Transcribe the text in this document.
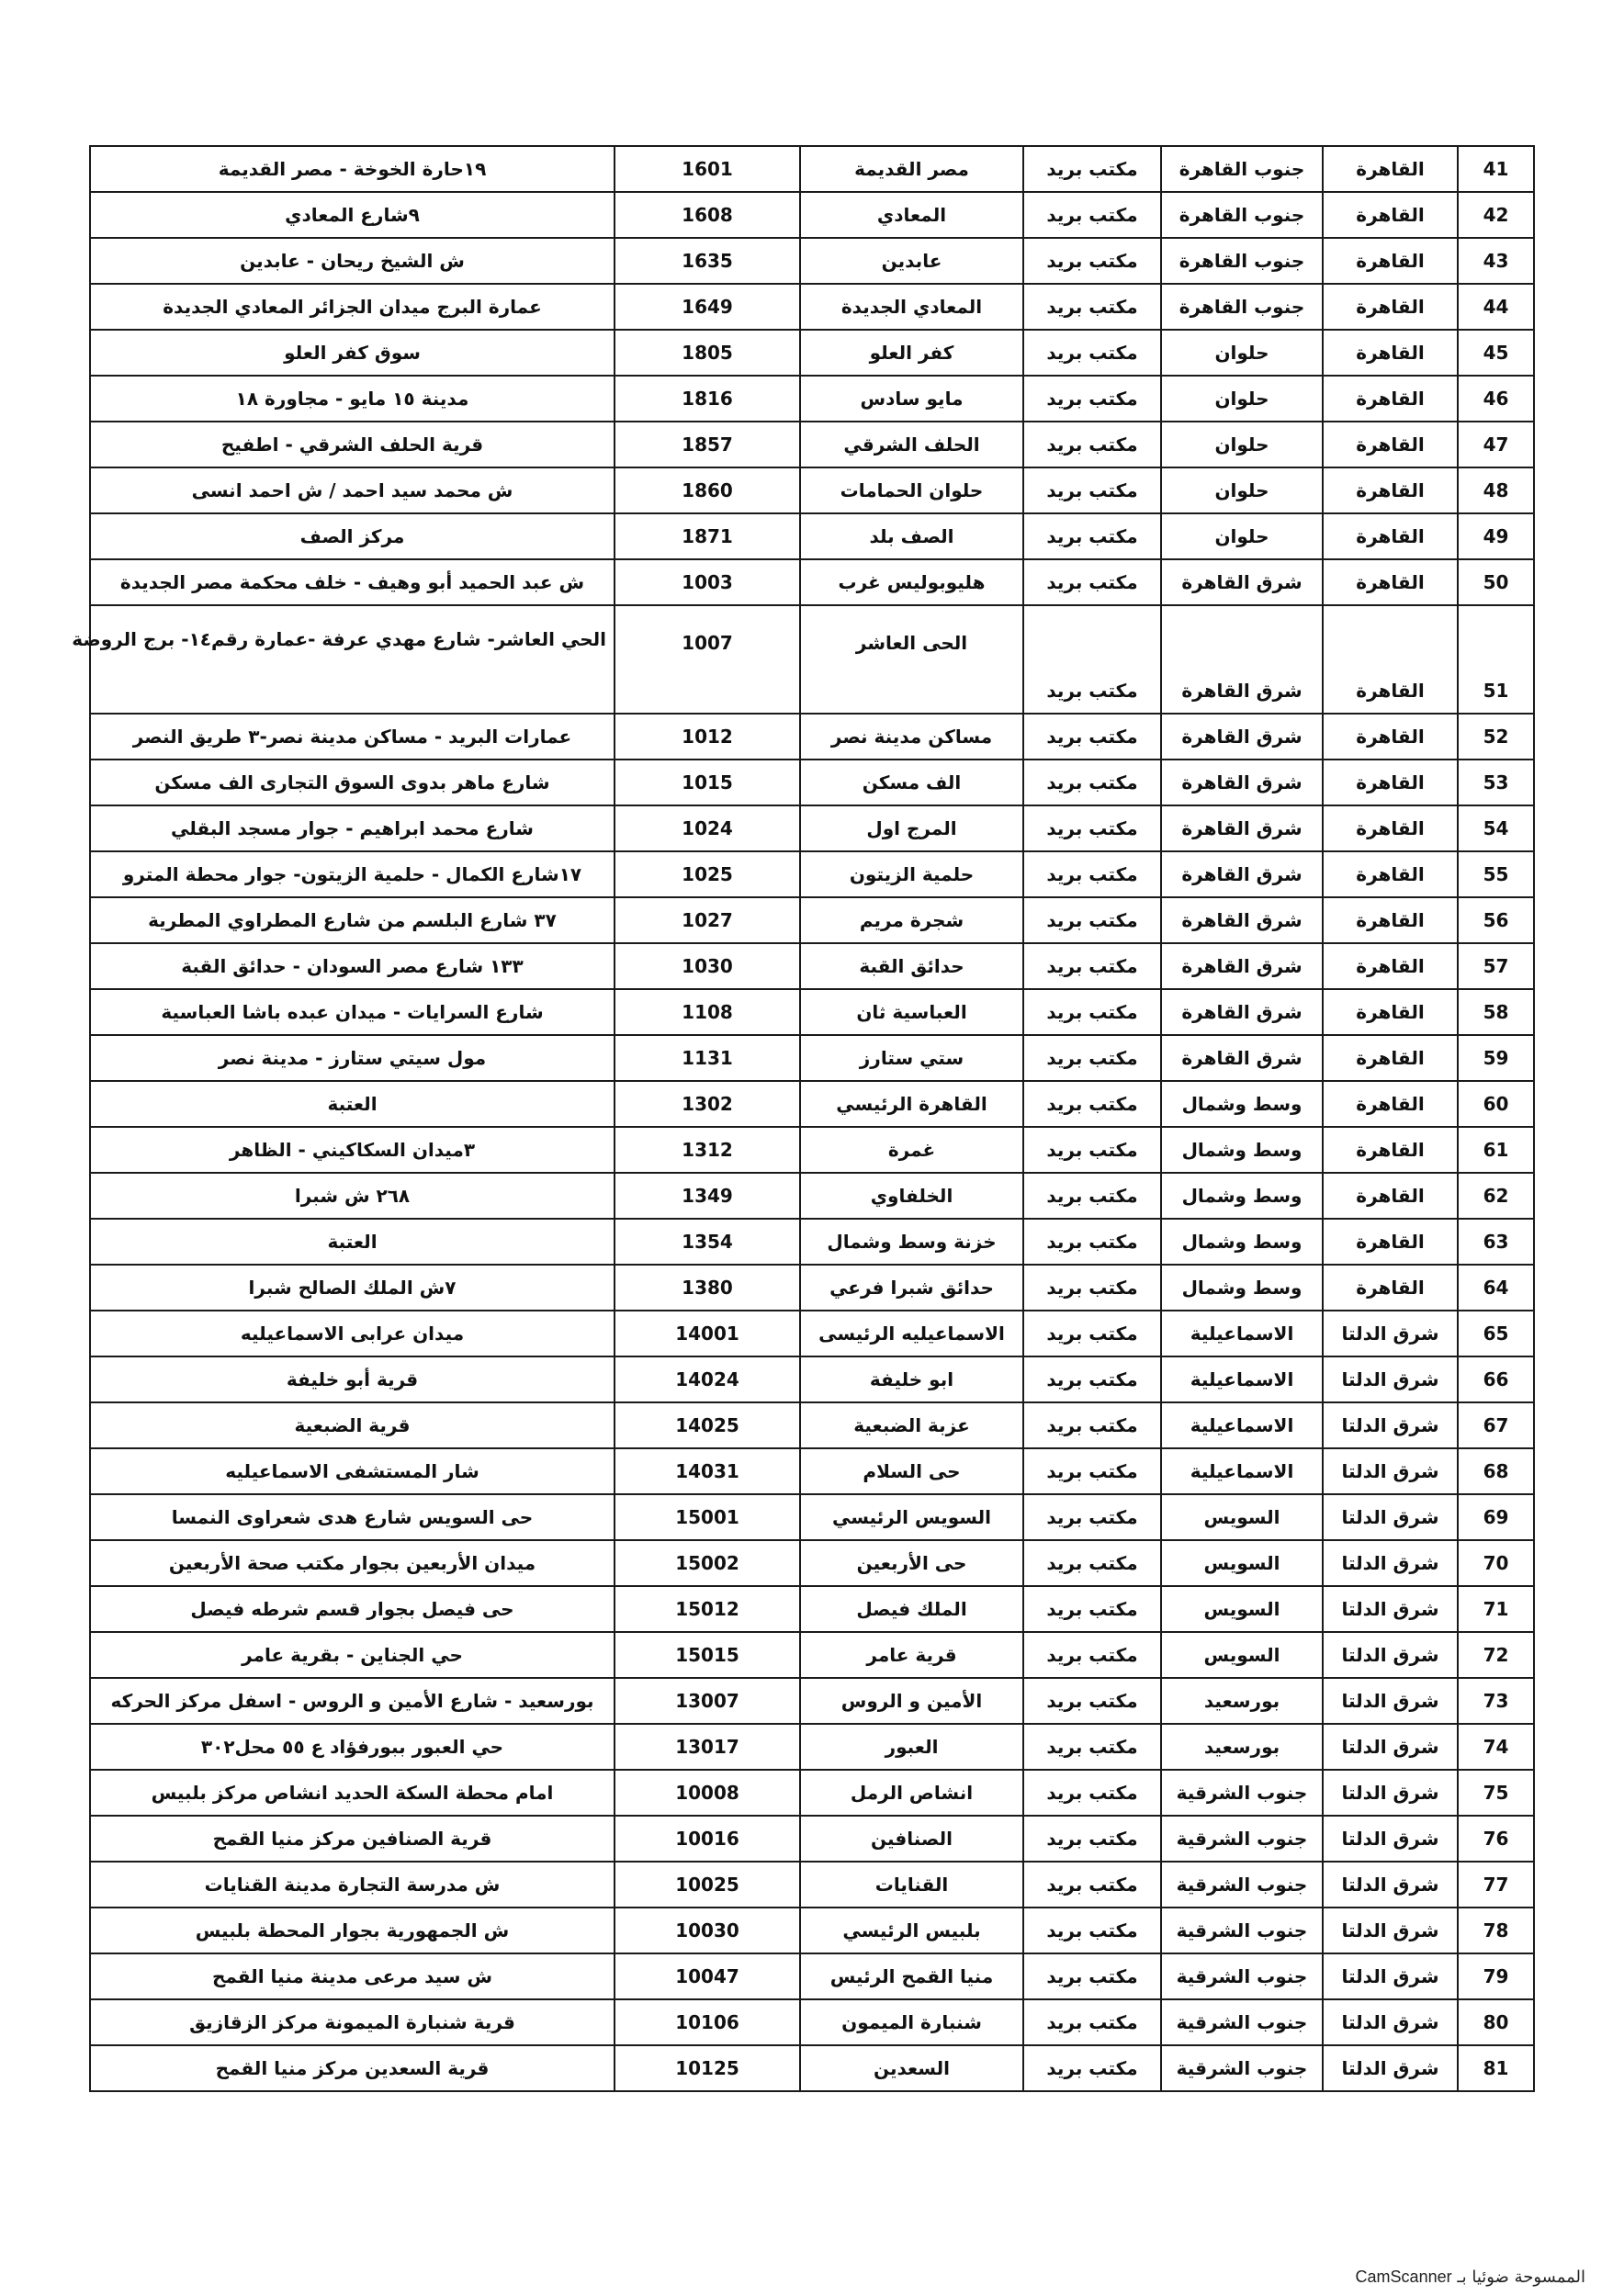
41	القاهرة	جنوب القاهرة	مكتب بريد	مصر القديمة	1601	١٩حارة الخوخة - مصر القديمة
42	القاهرة	جنوب القاهرة	مكتب بريد	المعادي	1608	٩شارع المعادي
43	القاهرة	جنوب القاهرة	مكتب بريد	عابدين	1635	ش الشيخ ريحان - عابدين
44	القاهرة	جنوب القاهرة	مكتب بريد	المعادي الجديدة	1649	عمارة البرج ميدان الجزائر المعادي الجديدة
45	القاهرة	حلوان	مكتب بريد	كفر العلو	1805	سوق كفر العلو
46	القاهرة	حلوان	مكتب بريد	مايو سادس	1816	مدينة ١٥ مايو - مجاورة ١٨
47	القاهرة	حلوان	مكتب بريد	الحلف الشرقي	1857	قرية الحلف الشرقي - اطفيح
48	القاهرة	حلوان	مكتب بريد	حلوان الحمامات	1860	ش محمد سيد احمد / ش احمد انسى
49	القاهرة	حلوان	مكتب بريد	الصف بلد	1871	مركز الصف
50	القاهرة	شرق القاهرة	مكتب بريد	هليوبوليس غرب	1003	ش عبد الحميد أبو وهيف - خلف محكمة مصر الجديدة
51	القاهرة	شرق القاهرة	مكتب بريد	الحى العاشر	1007	الحي العاشر- شارع مهدي عرفة -عمارة رقم١٤- برج الروضة
52	القاهرة	شرق القاهرة	مكتب بريد	مساكن مدينة نصر	1012	عمارات البريد - مساكن مدينة نصر-٣ طريق النصر
53	القاهرة	شرق القاهرة	مكتب بريد	الف مسكن	1015	شارع ماهر بدوى السوق التجارى الف مسكن
54	القاهرة	شرق القاهرة	مكتب بريد	المرج اول	1024	شارع محمد ابراهيم - جوار مسجد البقلي
55	القاهرة	شرق القاهرة	مكتب بريد	حلمية الزيتون	1025	١٧شارع الكمال - حلمية الزيتون- جوار محطة المترو
56	القاهرة	شرق القاهرة	مكتب بريد	شجرة مريم	1027	٣٧ شارع البلسم من شارع المطراوي المطرية
57	القاهرة	شرق القاهرة	مكتب بريد	حدائق القبة	1030	١٣٣ شارع مصر السودان - حدائق القبة
58	القاهرة	شرق القاهرة	مكتب بريد	العباسية ثان	1108	شارع السرايات - ميدان عبده باشا العباسية
59	القاهرة	شرق القاهرة	مكتب بريد	ستي ستارز	1131	مول سيتي ستارز - مدينة نصر
60	القاهرة	وسط وشمال	مكتب بريد	القاهرة الرئيسي	1302	العتبة
61	القاهرة	وسط وشمال	مكتب بريد	غمرة	1312	٣ميدان السكاكيني - الظاهر
62	القاهرة	وسط وشمال	مكتب بريد	الخلفاوي	1349	٢٦٨ ش شبرا
63	القاهرة	وسط وشمال	مكتب بريد	خزنة وسط وشمال	1354	العتبة
64	القاهرة	وسط وشمال	مكتب بريد	حدائق شبرا فرعي	1380	٧ش الملك الصالح شبرا
65	شرق الدلتا	الاسماعيلية	مكتب بريد	الاسماعيليه الرئيسى	14001	ميدان عرابى الاسماعيليه
66	شرق الدلتا	الاسماعيلية	مكتب بريد	ابو خليفة	14024	قرية أبو خليفة
67	شرق الدلتا	الاسماعيلية	مكتب بريد	عزبة الضبعية	14025	قرية الضبعية
68	شرق الدلتا	الاسماعيلية	مكتب بريد	حى السلام	14031	شار المستشفى الاسماعيليه
69	شرق الدلتا	السويس	مكتب بريد	السويس الرئيسي	15001	حى السويس شارع هدى شعراوى النمسا
70	شرق الدلتا	السويس	مكتب بريد	حى الأربعين	15002	ميدان الأربعين بجوار مكتب صحة الأربعين
71	شرق الدلتا	السويس	مكتب بريد	الملك فيصل	15012	حى فيصل بجوار قسم شرطه فيصل
72	شرق الدلتا	السويس	مكتب بريد	قرية عامر	15015	حي الجناين - بقرية عامر
73	شرق الدلتا	بورسعيد	مكتب بريد	الأمين و الروس	13007	بورسعيد - شارع الأمين و الروس - اسفل مركز الحركه
74	شرق الدلتا	بورسعيد	مكتب بريد	العبور	13017	حي العبور ببورفؤاد ع ٥٥ محل٣٠٢
75	شرق الدلتا	جنوب الشرقية	مكتب بريد	انشاص الرمل	10008	امام محطة السكة الحديد انشاص مركز بلبيس
76	شرق الدلتا	جنوب الشرقية	مكتب بريد	الصنافين	10016	قرية الصنافين مركز منيا القمح
77	شرق الدلتا	جنوب الشرقية	مكتب بريد	القنايات	10025	ش مدرسة التجارة مدينة القنايات
78	شرق الدلتا	جنوب الشرقية	مكتب بريد	بلبيس الرئيسي	10030	ش الجمهورية بجوار المحطة بلبيس
79	شرق الدلتا	جنوب الشرقية	مكتب بريد	منيا القمح الرئيس	10047	ش سيد مرعى مدينة منيا القمح
80	شرق الدلتا	جنوب الشرقية	مكتب بريد	شنبارة الميمون	10106	قرية شنبارة الميمونة مركز الزقازيق
81	شرق الدلتا	جنوب الشرقية	مكتب بريد	السعدين	10125	قرية السعدين مركز منيا القمح
CamScanner الممسوحة ضوئيا بـ
